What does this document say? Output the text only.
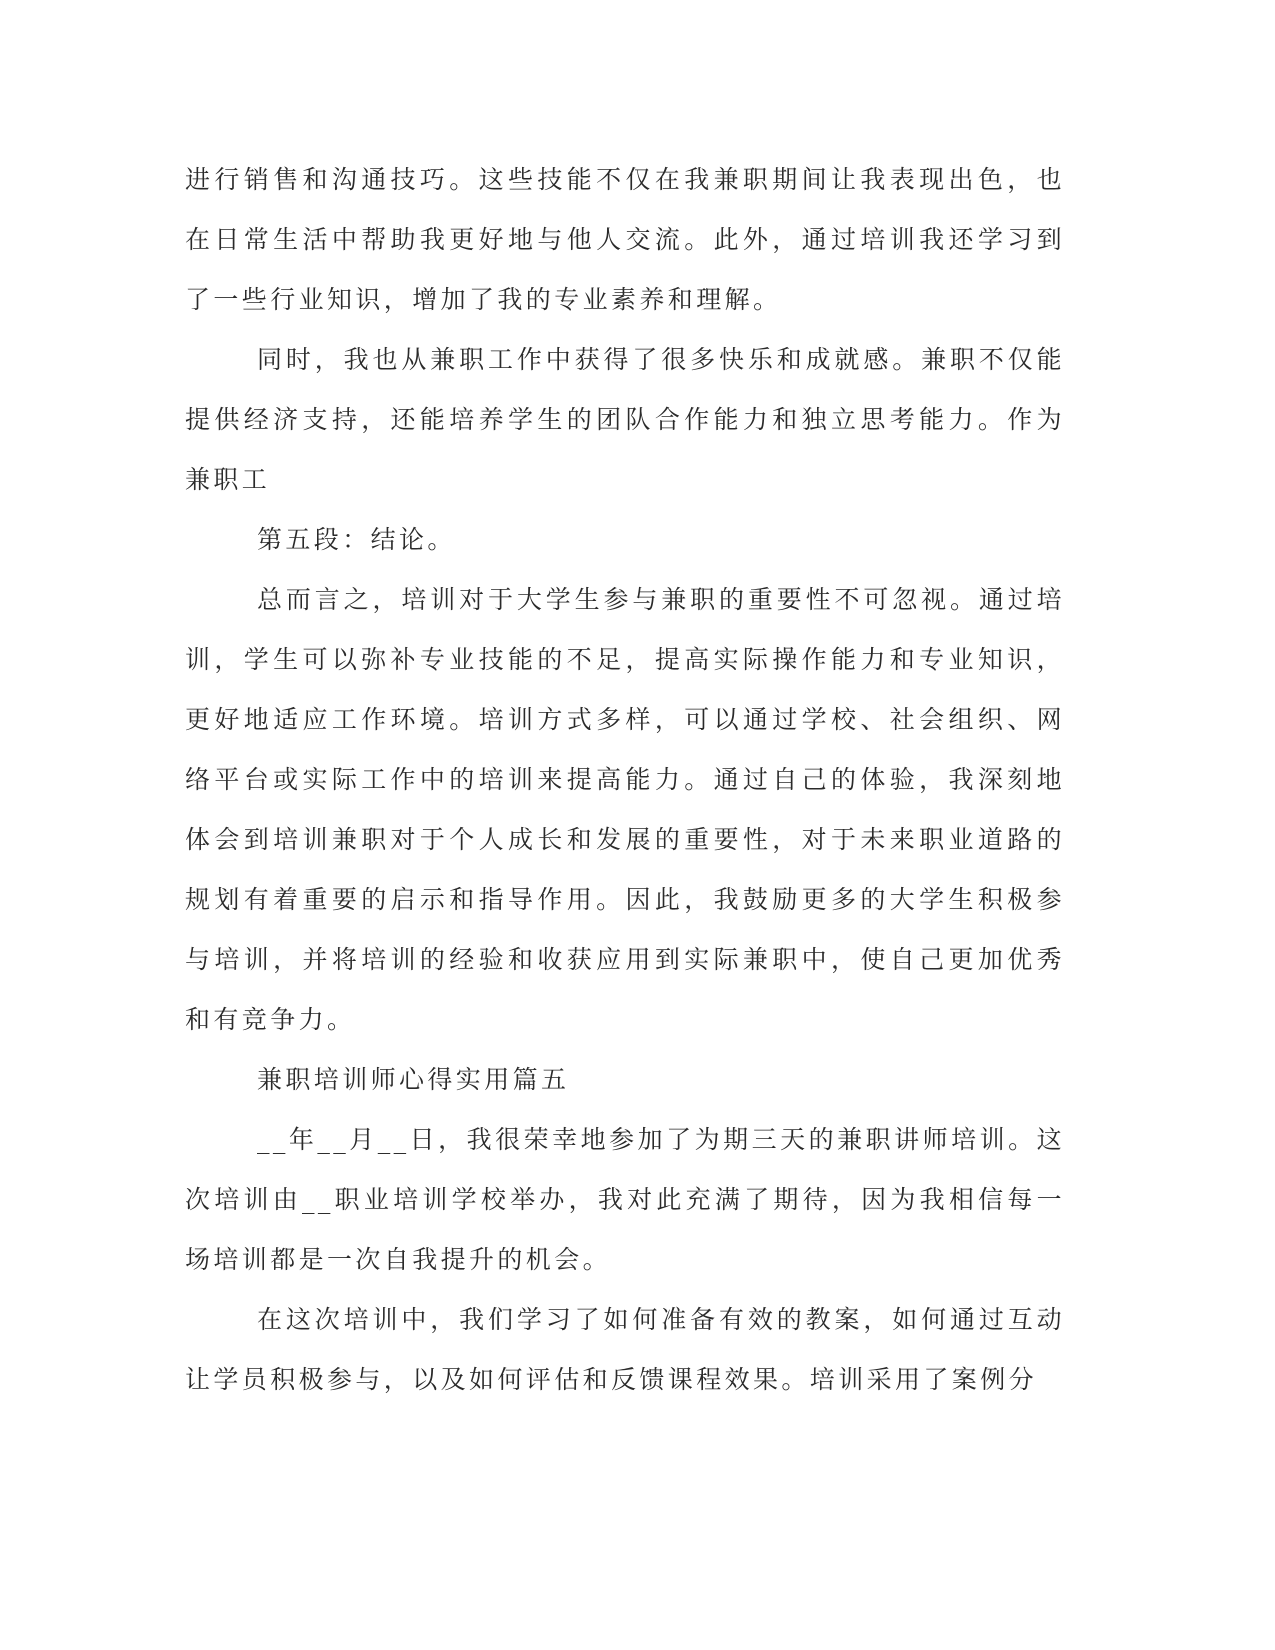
进行销售和沟通技巧。这些技能不仅在我兼职期间让我表现出色，也在日常生活中帮助我更好地与他人交流。此外，通过培训我还学习到了一些行业知识，增加了我的专业素养和理解。

同时，我也从兼职工作中获得了很多快乐和成就感。兼职不仅能提供经济支持，还能培养学生的团队合作能力和独立思考能力。作为兼职工

第五段：结论。

总而言之，培训对于大学生参与兼职的重要性不可忽视。通过培训，学生可以弥补专业技能的不足，提高实际操作能力和专业知识，更好地适应工作环境。培训方式多样，可以通过学校、社会组织、网络平台或实际工作中的培训来提高能力。通过自己的体验，我深刻地体会到培训兼职对于个人成长和发展的重要性，对于未来职业道路的规划有着重要的启示和指导作用。因此，我鼓励更多的大学生积极参与培训，并将培训的经验和收获应用到实际兼职中，使自己更加优秀和有竞争力。

兼职培训师心得实用篇五

__年__月__日，我很荣幸地参加了为期三天的兼职讲师培训。这次培训由__职业培训学校举办，我对此充满了期待，因为我相信每一场培训都是一次自我提升的机会。

在这次培训中，我们学习了如何准备有效的教案，如何通过互动让学员积极参与，以及如何评估和反馈课程效果。培训采用了案例分
